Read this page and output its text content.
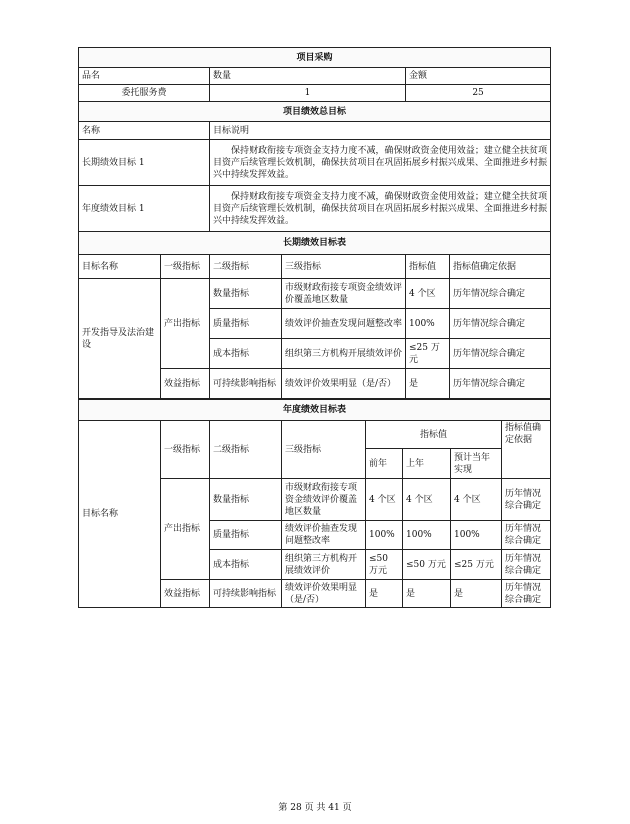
项目采购					
品名		数量		金额	
委托服务费		1		25	
项目绩效总目标					
名称		目标说明			
长期绩效目标 1		保持财政衔接专项资金支持力度不减，确保财政资金使用效益；建立健全扶贫项目资产后续管理长效机制，确保扶贫项目在巩固拓展乡村振兴成果、全面推进乡村振兴中持续发挥效益。			
年度绩效目标 1		保持财政衔接专项资金支持力度不减，确保财政资金使用效益；建立健全扶贫项目资产后续管理长效机制，确保扶贫项目在巩固拓展乡村振兴成果、全面推进乡村振兴中持续发挥效益。			
长期绩效目标表					
目标名称	一级指标	二级指标	三级指标	指标值	指标值确定依据
开发指导及法治建设	产出指标	数量指标	市级财政衔接专项资金绩效评价覆盖地区数量	4 个区	历年情况综合确定
		质量指标	绩效评价抽查发现问题整改率	100%	历年情况综合确定
		成本指标	组织第三方机构开展绩效评价	≤25 万元	历年情况综合确定
	效益指标	可持续影响指标	绩效评价效果明显（是/否）	是	历年情况综合确定
年度绩效目标表							
目标名称	一级指标	二级指标	三级指标	指标值			指标值确定依据
				前年	上年	预计当年实现	
	产出指标	数量指标	市级财政衔接专项资金绩效评价覆盖地区数量	4 个区	4 个区	4 个区	历年情况综合确定
		质量指标	绩效评价抽查发现问题整改率	100%	100%	100%	历年情况综合确定
		成本指标	组织第三方机构开展绩效评价	≤50 万元	≤50 万元	≤25 万元	历年情况综合确定
	效益指标	可持续影响指标	绩效评价效果明显（是/否）	是	是	是	历年情况综合确定
第 28 页 共 41 页
